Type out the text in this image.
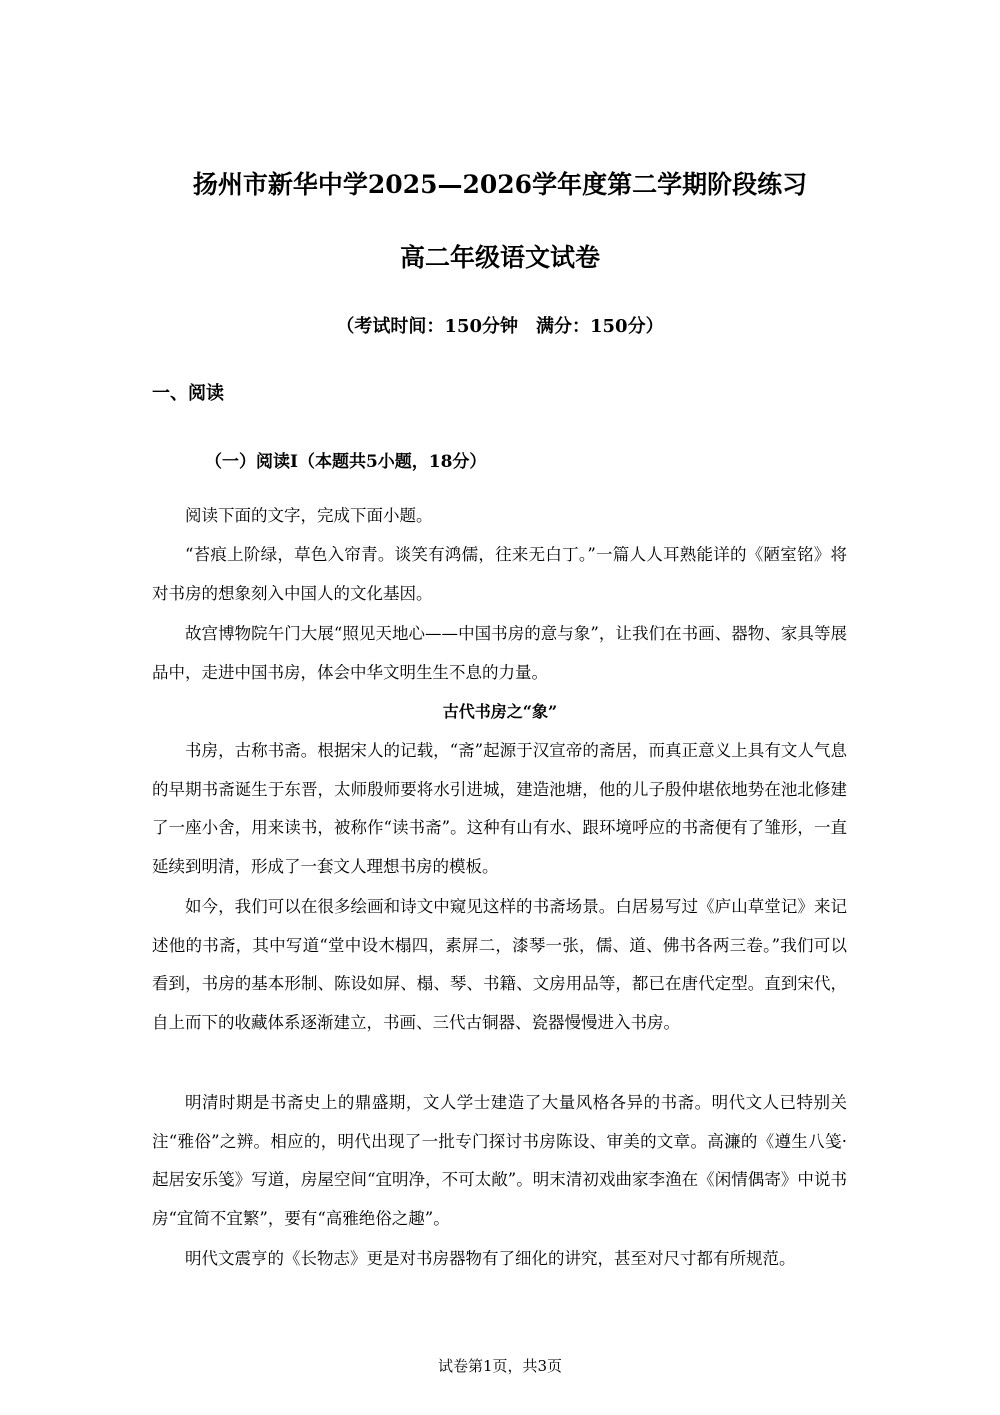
扬州市新华中学2025—2026学年度第二学期阶段练习
高二年级语文试卷
（考试时间：150分钟　满分：150分）
一、阅读
（一）阅读Ⅰ（本题共5小题，18分）

阅读下面的文字，完成下面小题。

“苔痕上阶绿，草色入帘青。谈笑有鸿儒，往来无白丁。”一篇人人耳熟能详的《陋室铭》将对书房的想象刻入中国人的文化基因。

故宫博物院午门大展“照见天地心——中国书房的意与象”，让我们在书画、器物、家具等展品中，走进中国书房，体会中华文明生生不息的力量。

古代书房之“象”

书房，古称书斋。根据宋人的记载，“斋”起源于汉宣帝的斋居，而真正意义上具有文人气息的早期书斋诞生于东晋，太师殷师要将水引进城，建造池塘，他的儿子殷仲堪依地势在池北修建了一座小舍，用来读书，被称作“读书斋”。这种有山有水、跟环境呼应的书斋便有了雏形，一直延续到明清，形成了一套文人理想书房的模板。

如今，我们可以在很多绘画和诗文中窥见这样的书斋场景。白居易写过《庐山草堂记》来记述他的书斋，其中写道“堂中设木榻四，素屏二，漆琴一张，儒、道、佛书各两三卷。”我们可以看到，书房的基本形制、陈设如屏、榻、琴、书籍、文房用品等，都已在唐代定型。直到宋代，自上而下的收藏体系逐渐建立，书画、三代古铜器、瓷器慢慢进入书房。

明清时期是书斋史上的鼎盛期，文人学士建造了大量风格各异的书斋。明代文人已特别关注“雅俗”之辨。相应的，明代出现了一批专门探讨书房陈设、审美的文章。高濂的《遵生八笺·起居安乐笺》写道，房屋空间“宜明净，不可太敞”。明末清初戏曲家李渔在《闲情偶寄》中说书房“宜简不宜繁”，要有“高雅绝俗之趣”。

明代文震亨的《长物志》更是对书房器物有了细化的讲究，甚至对尺寸都有所规范。

试卷第1页，共3页
